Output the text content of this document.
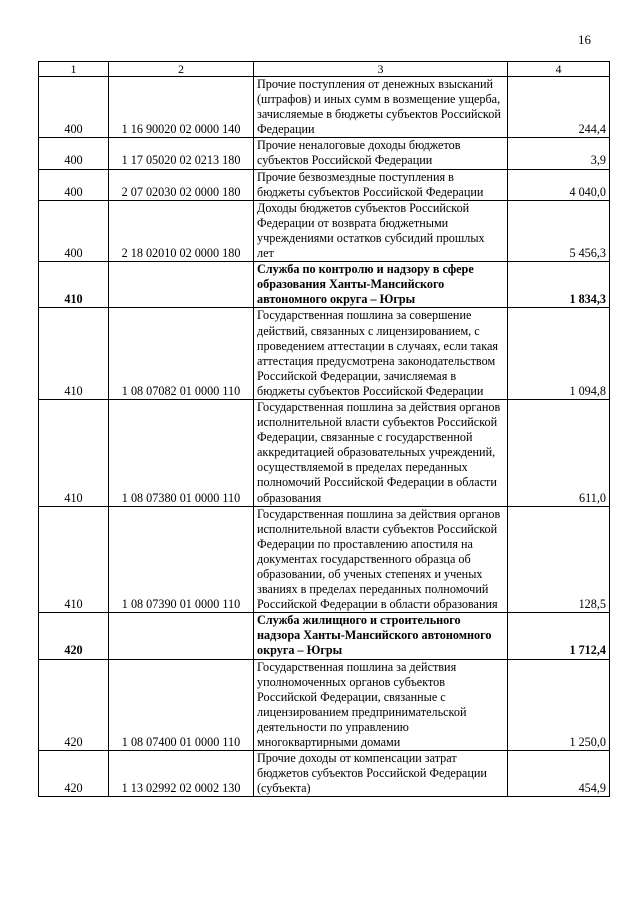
16
1	2	3	4
400	1 16 90020 02 0000 140	Прочие поступления от денежных взысканий (штрафов) и иных сумм в возмещение ущерба, зачисляемые в бюджеты субъектов Российской Федерации	244,4
400	1 17 05020 02 0213 180	Прочие неналоговые доходы бюджетов субъектов Российской Федерации	3,9
400	2 07 02030 02 0000 180	Прочие безвозмездные поступления в бюджеты субъектов Российской Федерации	4 040,0
400	2 18 02010 02 0000 180	Доходы бюджетов субъектов Российской Федерации от возврата бюджетными учреждениями остатков субсидий прошлых лет	5 456,3
410		Служба по контролю и надзору в сфере образования Ханты-Мансийского автономного округа – Югры	1 834,3
410	1 08 07082 01 0000 110	Государственная пошлина за совершение действий, связанных с лицензированием, с проведением аттестации в случаях, если такая аттестация предусмотрена законодательством Российской Федерации, зачисляемая в бюджеты субъектов Российской Федерации	1 094,8
410	1 08 07380 01 0000 110	Государственная пошлина за действия органов исполнительной власти субъектов Российской Федерации, связанные с государственной аккредитацией образовательных учреждений, осуществляемой в пределах переданных полномочий Российской Федерации в области образования	611,0
410	1 08 07390 01 0000 110	Государственная пошлина за действия органов исполнительной власти субъектов Российской Федерации по проставлению апостиля на документах государственного образца об образовании, об ученых степенях и ученых званиях в пределах переданных полномочий Российской Федерации в области образования	128,5
420		Служба жилищного и строительного надзора Ханты-Мансийского автономного округа – Югры	1 712,4
420	1 08 07400 01 0000 110	Государственная пошлина за действия уполномоченных органов субъектов Российской Федерации, связанные с лицензированием предпринимательской деятельности по управлению многоквартирными домами	1 250,0
420	1 13 02992 02 0002 130	Прочие доходы от компенсации затрат бюджетов субъектов Российской Федерации (субъекта)	454,9
